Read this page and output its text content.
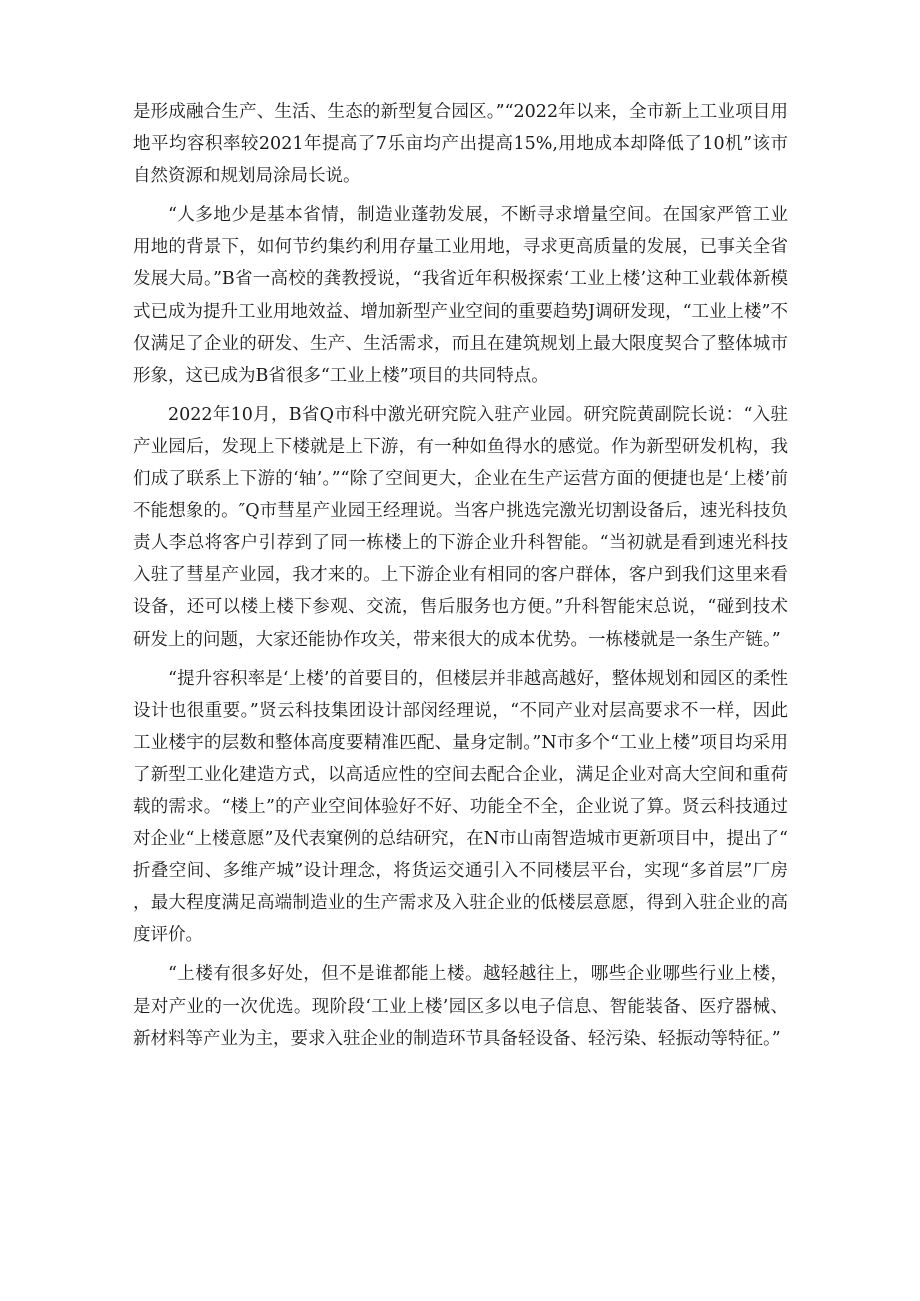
是形成融合生产、生活、生态的新型复合园区。”“2022年以来，全市新上工业项目用地平均容积率较2021年提高了7乐亩均产出提高15%,用地成本却降低了10机”该市自然资源和规划局涂局长说。

“人多地少是基本省情，制造业蓬勃发展，不断寻求增量空间。在国家严管工业用地的背景下，如何节约集约利用存量工业用地，寻求更高质量的发展，已事关全省发展大局。”B省一高校的龚教授说，“我省近年积极探索‘工业上楼’这种工业载体新模式已成为提升工业用地效益、增加新型产业空间的重要趋势J调研发现，“工业上楼”不仅满足了企业的研发、生产、生活需求，而且在建筑规划上最大限度契合了整体城市形象，这已成为B省很多“工业上楼”项目的共同特点。

2022年10月，B省Q市科中激光研究院入驻产业园。研究院黄副院长说：“入驻产业园后，发现上下楼就是上下游，有一种如鱼得水的感觉。作为新型研发机构，我们成了联系上下游的‘轴’。”“除了空间更大，企业在生产运营方面的便捷也是‘上楼’前不能想象的。″Q市彗星产业园王经理说。当客户挑选完激光切割设备后，速光科技负责人李总将客户引荐到了同一栋楼上的下游企业升科智能。“当初就是看到速光科技入驻了彗星产业园，我才来的。上下游企业有相同的客户群体，客户到我们这里来看设备，还可以楼上楼下参观、交流，售后服务也方便。”升科智能宋总说，“碰到技术研发上的问题，大家还能协作攻关，带来很大的成本优势。一栋楼就是一条生产链。”

“提升容积率是‘上楼’的首要目的，但楼层并非越高越好，整体规划和园区的柔性设计也很重要。”贤云科技集团设计部闵经理说，“不同产业对层高要求不一样，因此工业楼宇的层数和整体高度要精准匹配、量身定制。”N市多个“工业上楼”项目均采用了新型工业化建造方式，以高适应性的空间去配合企业，满足企业对高大空间和重荷载的需求。“楼上”的产业空间体验好不好、功能全不全，企业说了算。贤云科技通过对企业“上楼意愿”及代表窠例的总结研究，在N市山南智造城市更新项目中，提出了“折叠空间、多维产城”设计理念，将货运交通引入不同楼层平台，实现“多首层”厂房，最大程度满足高端制造业的生产需求及入驻企业的低楼层意愿，得到入驻企业的高度评价。

“上楼有很多好处，但不是谁都能上楼。越轻越往上，哪些企业哪些行业上楼，是对产业的一次优选。现阶段‘工业上楼’园区多以电子信息、智能装备、医疗器械、新材料等产业为主，要求入驻企业的制造环节具备轻设备、轻污染、轻振动等特征。”
